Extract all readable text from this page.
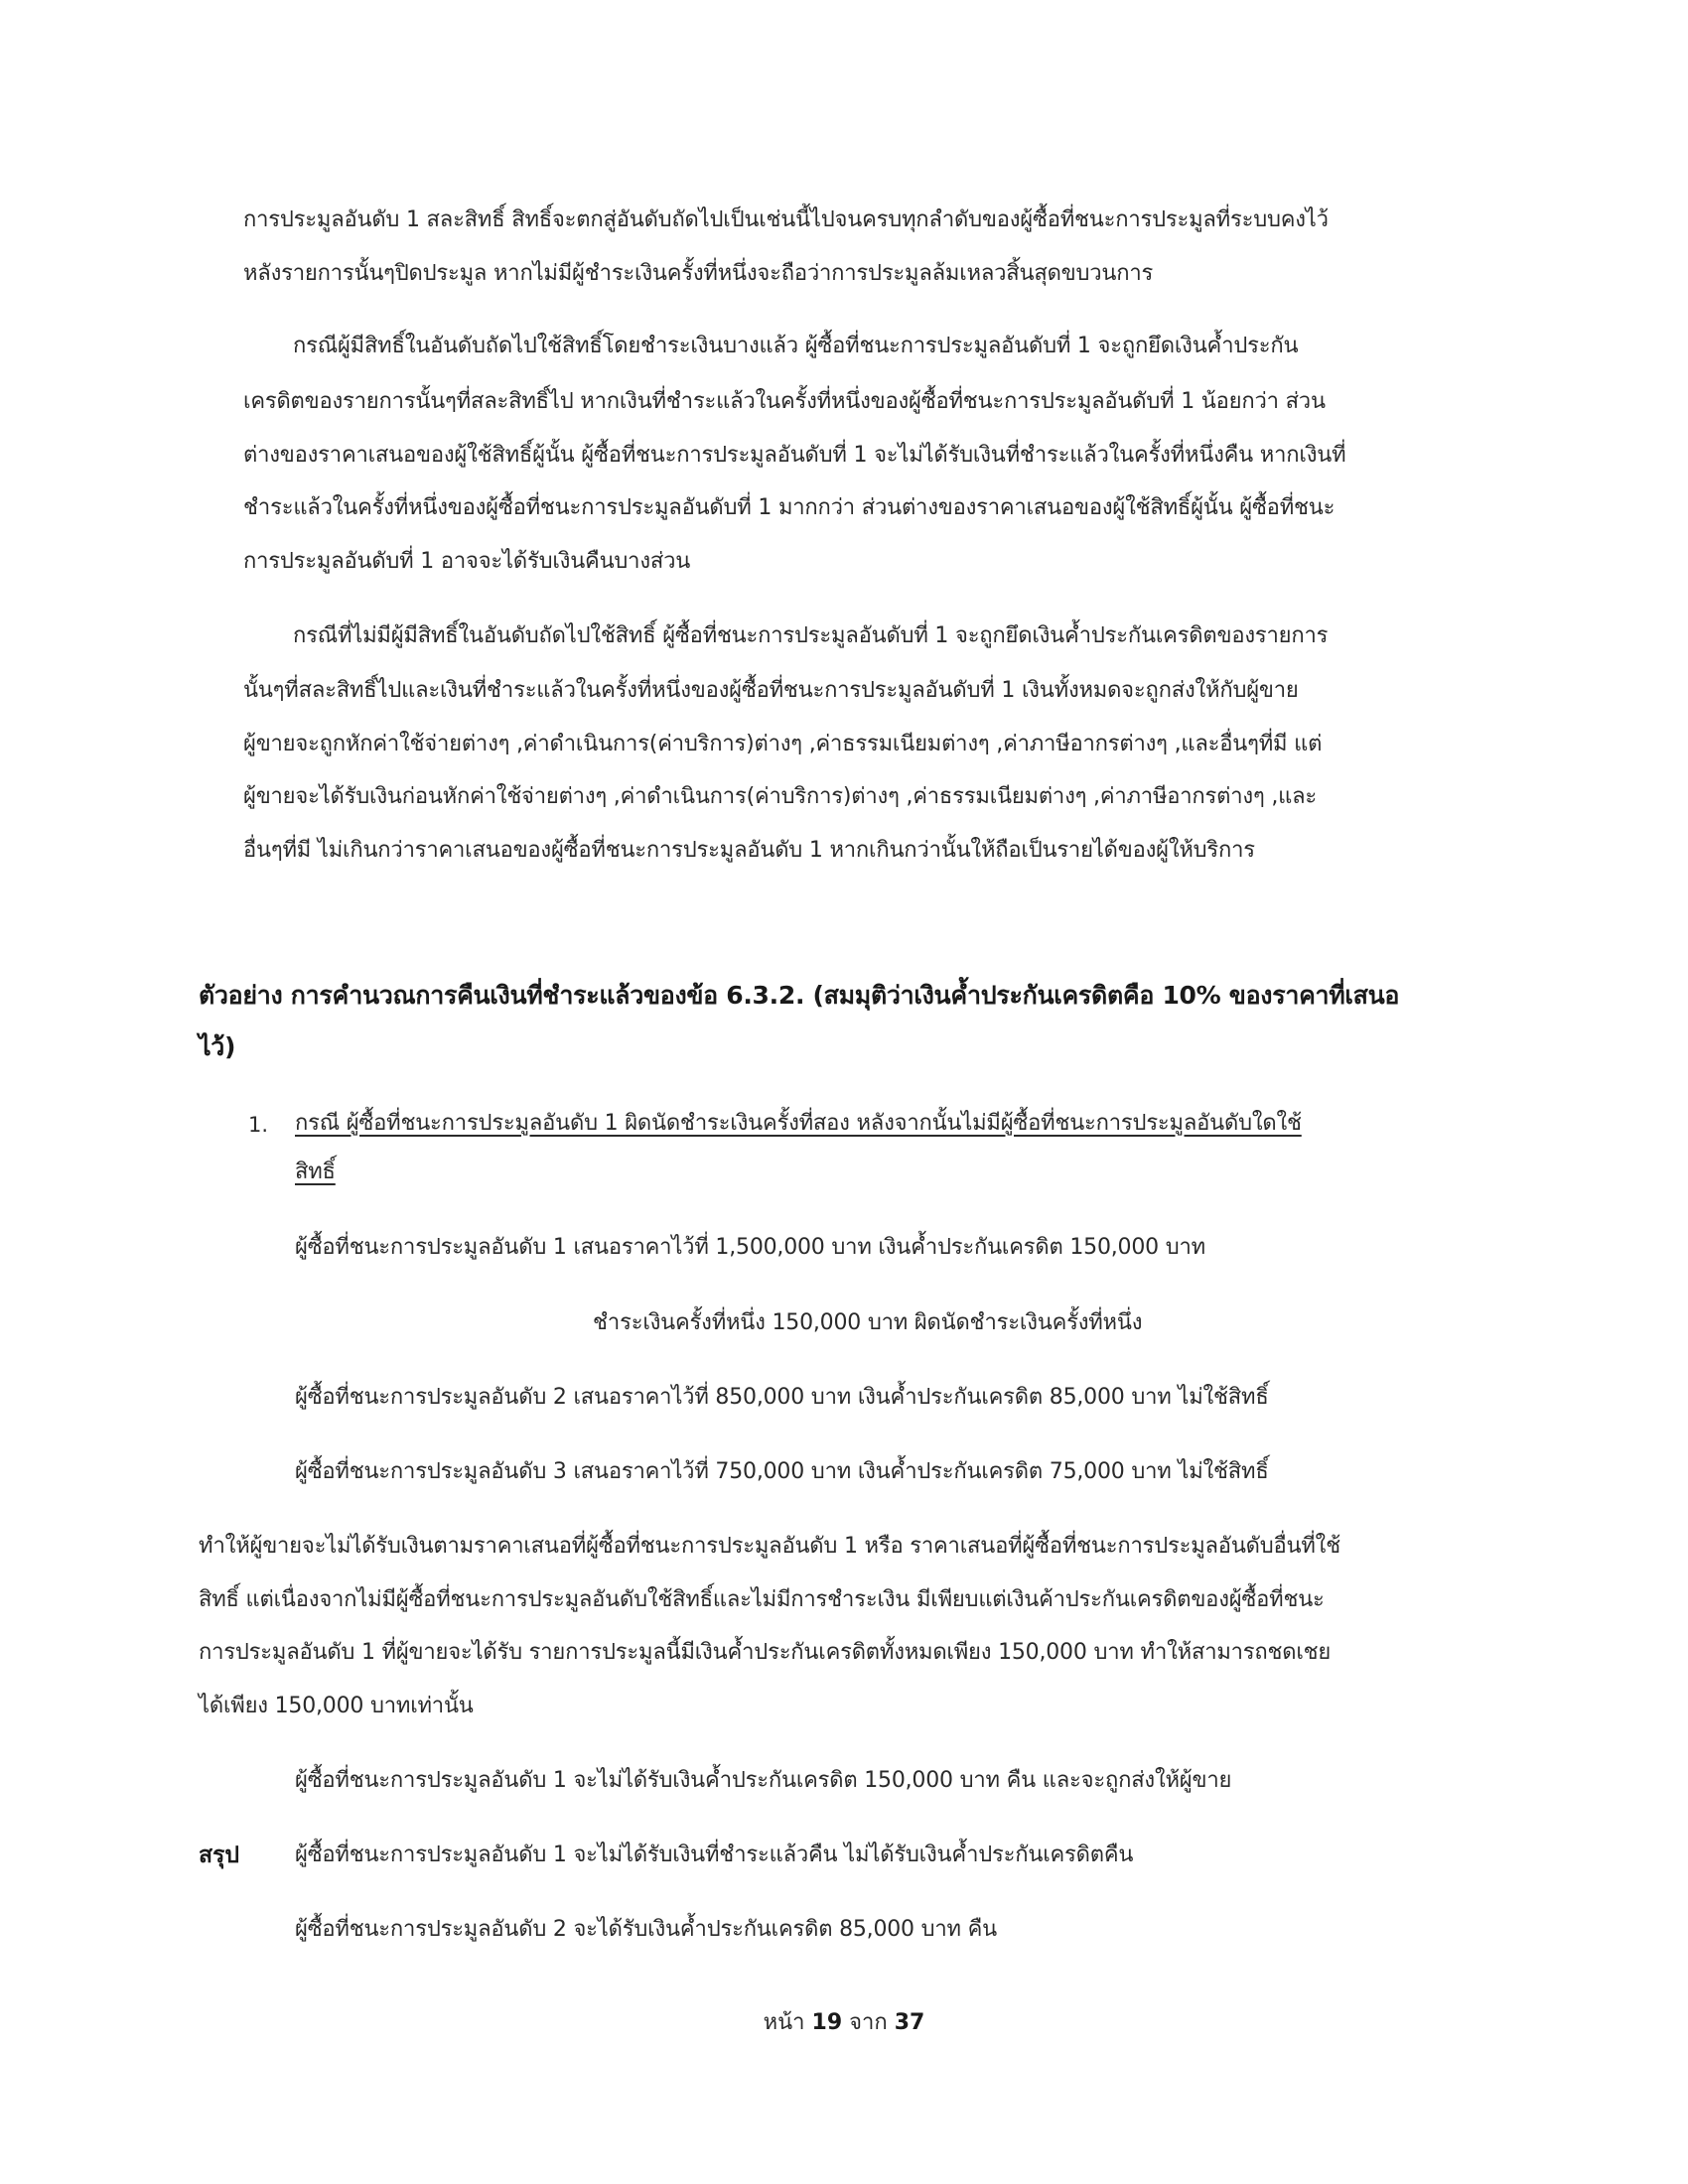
การประมูลอันดับ 1 สละสิทธิ์ สิทธิ์จะตกสู่อันดับถัดไปเป็นเช่นนี้ไปจนครบทุกลำดับของผู้ซื้อที่ชนะการประมูลที่ระบบคงไว้
หลังรายการนั้นๆปิดประมูล หากไม่มีผู้ชำระเงินครั้งที่หนึ่งจะถือว่าการประมูลล้มเหลวสิ้นสุดขบวนการ
กรณีผู้มีสิทธิ์ในอันดับถัดไปใช้สิทธิ์โดยชำระเงินบางแล้ว ผู้ซื้อที่ชนะการประมูลอันดับที่ 1 จะถูกยึดเงินค้ำประกัน
เครดิตของรายการนั้นๆที่สละสิทธิ์ไป หากเงินที่ชำระแล้วในครั้งที่หนึ่งของผู้ซื้อที่ชนะการประมูลอันดับที่ 1 น้อยกว่า ส่วน
ต่างของราคาเสนอของผู้ใช้สิทธิ์ผู้นั้น ผู้ซื้อที่ชนะการประมูลอันดับที่ 1 จะไม่ได้รับเงินที่ชำระแล้วในครั้งที่หนึ่งคืน หากเงินที่
ชำระแล้วในครั้งที่หนึ่งของผู้ซื้อที่ชนะการประมูลอันดับที่ 1 มากกว่า ส่วนต่างของราคาเสนอของผู้ใช้สิทธิ์ผู้นั้น ผู้ซื้อที่ชนะ
การประมูลอันดับที่ 1 อาจจะได้รับเงินคืนบางส่วน
กรณีที่ไม่มีผู้มีสิทธิ์ในอันดับถัดไปใช้สิทธิ์ ผู้ซื้อที่ชนะการประมูลอันดับที่ 1 จะถูกยึดเงินค้ำประกันเครดิตของรายการ
นั้นๆที่สละสิทธิ์ไปและเงินที่ชำระแล้วในครั้งที่หนึ่งของผู้ซื้อที่ชนะการประมูลอันดับที่ 1 เงินทั้งหมดจะถูกส่งให้กับผู้ขาย
ผู้ขายจะถูกหักค่าใช้จ่ายต่างๆ ,ค่าดำเนินการ(ค่าบริการ)ต่างๆ ,ค่าธรรมเนียมต่างๆ ,ค่าภาษีอากรต่างๆ ,และอื่นๆที่มี แต่
ผู้ขายจะได้รับเงินก่อนหักค่าใช้จ่ายต่างๆ ,ค่าดำเนินการ(ค่าบริการ)ต่างๆ ,ค่าธรรมเนียมต่างๆ ,ค่าภาษีอากรต่างๆ ,และ
อื่นๆที่มี ไม่เกินกว่าราคาเสนอของผู้ซื้อที่ชนะการประมูลอันดับ 1 หากเกินกว่านั้นให้ถือเป็นรายได้ของผู้ให้บริการ
ตัวอย่าง การคำนวณการคืนเงินที่ชำระแล้วของข้อ 6.3.2. (สมมุติว่าเงินค้ำประกันเครดิตคือ 10% ของราคาที่เสนอ
ไว้)
1. กรณี ผู้ซื้อที่ชนะการประมูลอันดับ 1 ผิดนัดชำระเงินครั้งที่สอง หลังจากนั้นไม่มีผู้ซื้อที่ชนะการประมูลอันดับใดใช้
สิทธิ์
ผู้ซื้อที่ชนะการประมูลอันดับ 1 เสนอราคาไว้ที่ 1,500,000 บาท เงินค้ำประกันเครดิต 150,000 บาท
ชำระเงินครั้งที่หนึ่ง 150,000 บาท ผิดนัดชำระเงินครั้งที่หนึ่ง
ผู้ซื้อที่ชนะการประมูลอันดับ 2 เสนอราคาไว้ที่ 850,000 บาท เงินค้ำประกันเครดิต 85,000 บาท ไม่ใช้สิทธิ์
ผู้ซื้อที่ชนะการประมูลอันดับ 3 เสนอราคาไว้ที่ 750,000 บาท เงินค้ำประกันเครดิต 75,000 บาท ไม่ใช้สิทธิ์
ทำให้ผู้ขายจะไม่ได้รับเงินตามราคาเสนอที่ผู้ซื้อที่ชนะการประมูลอันดับ 1 หรือ ราคาเสนอที่ผู้ซื้อที่ชนะการประมูลอันดับอื่นที่ใช้
สิทธิ์ แต่เนื่องจากไม่มีผู้ซื้อที่ชนะการประมูลอันดับใช้สิทธิ์และไม่มีการชำระเงิน มีเพียบแต่เงินค้าประกันเครดิตของผู้ซื้อที่ชนะ
การประมูลอันดับ 1 ที่ผู้ขายจะได้รับ รายการประมูลนี้มีเงินค้ำประกันเครดิตทั้งหมดเพียง 150,000 บาท ทำให้สามารถชดเชย
ได้เพียง 150,000 บาทเท่านั้น
ผู้ซื้อที่ชนะการประมูลอันดับ 1 จะไม่ได้รับเงินค้ำประกันเครดิต 150,000 บาท คืน และจะถูกส่งให้ผู้ขาย
สรุป	ผู้ซื้อที่ชนะการประมูลอันดับ 1 จะไม่ได้รับเงินที่ชำระแล้วคืน ไม่ได้รับเงินค้ำประกันเครดิตคืน
ผู้ซื้อที่ชนะการประมูลอันดับ 2 จะได้รับเงินค้ำประกันเครดิต 85,000 บาท คืน
หน้า 19 จาก 37
